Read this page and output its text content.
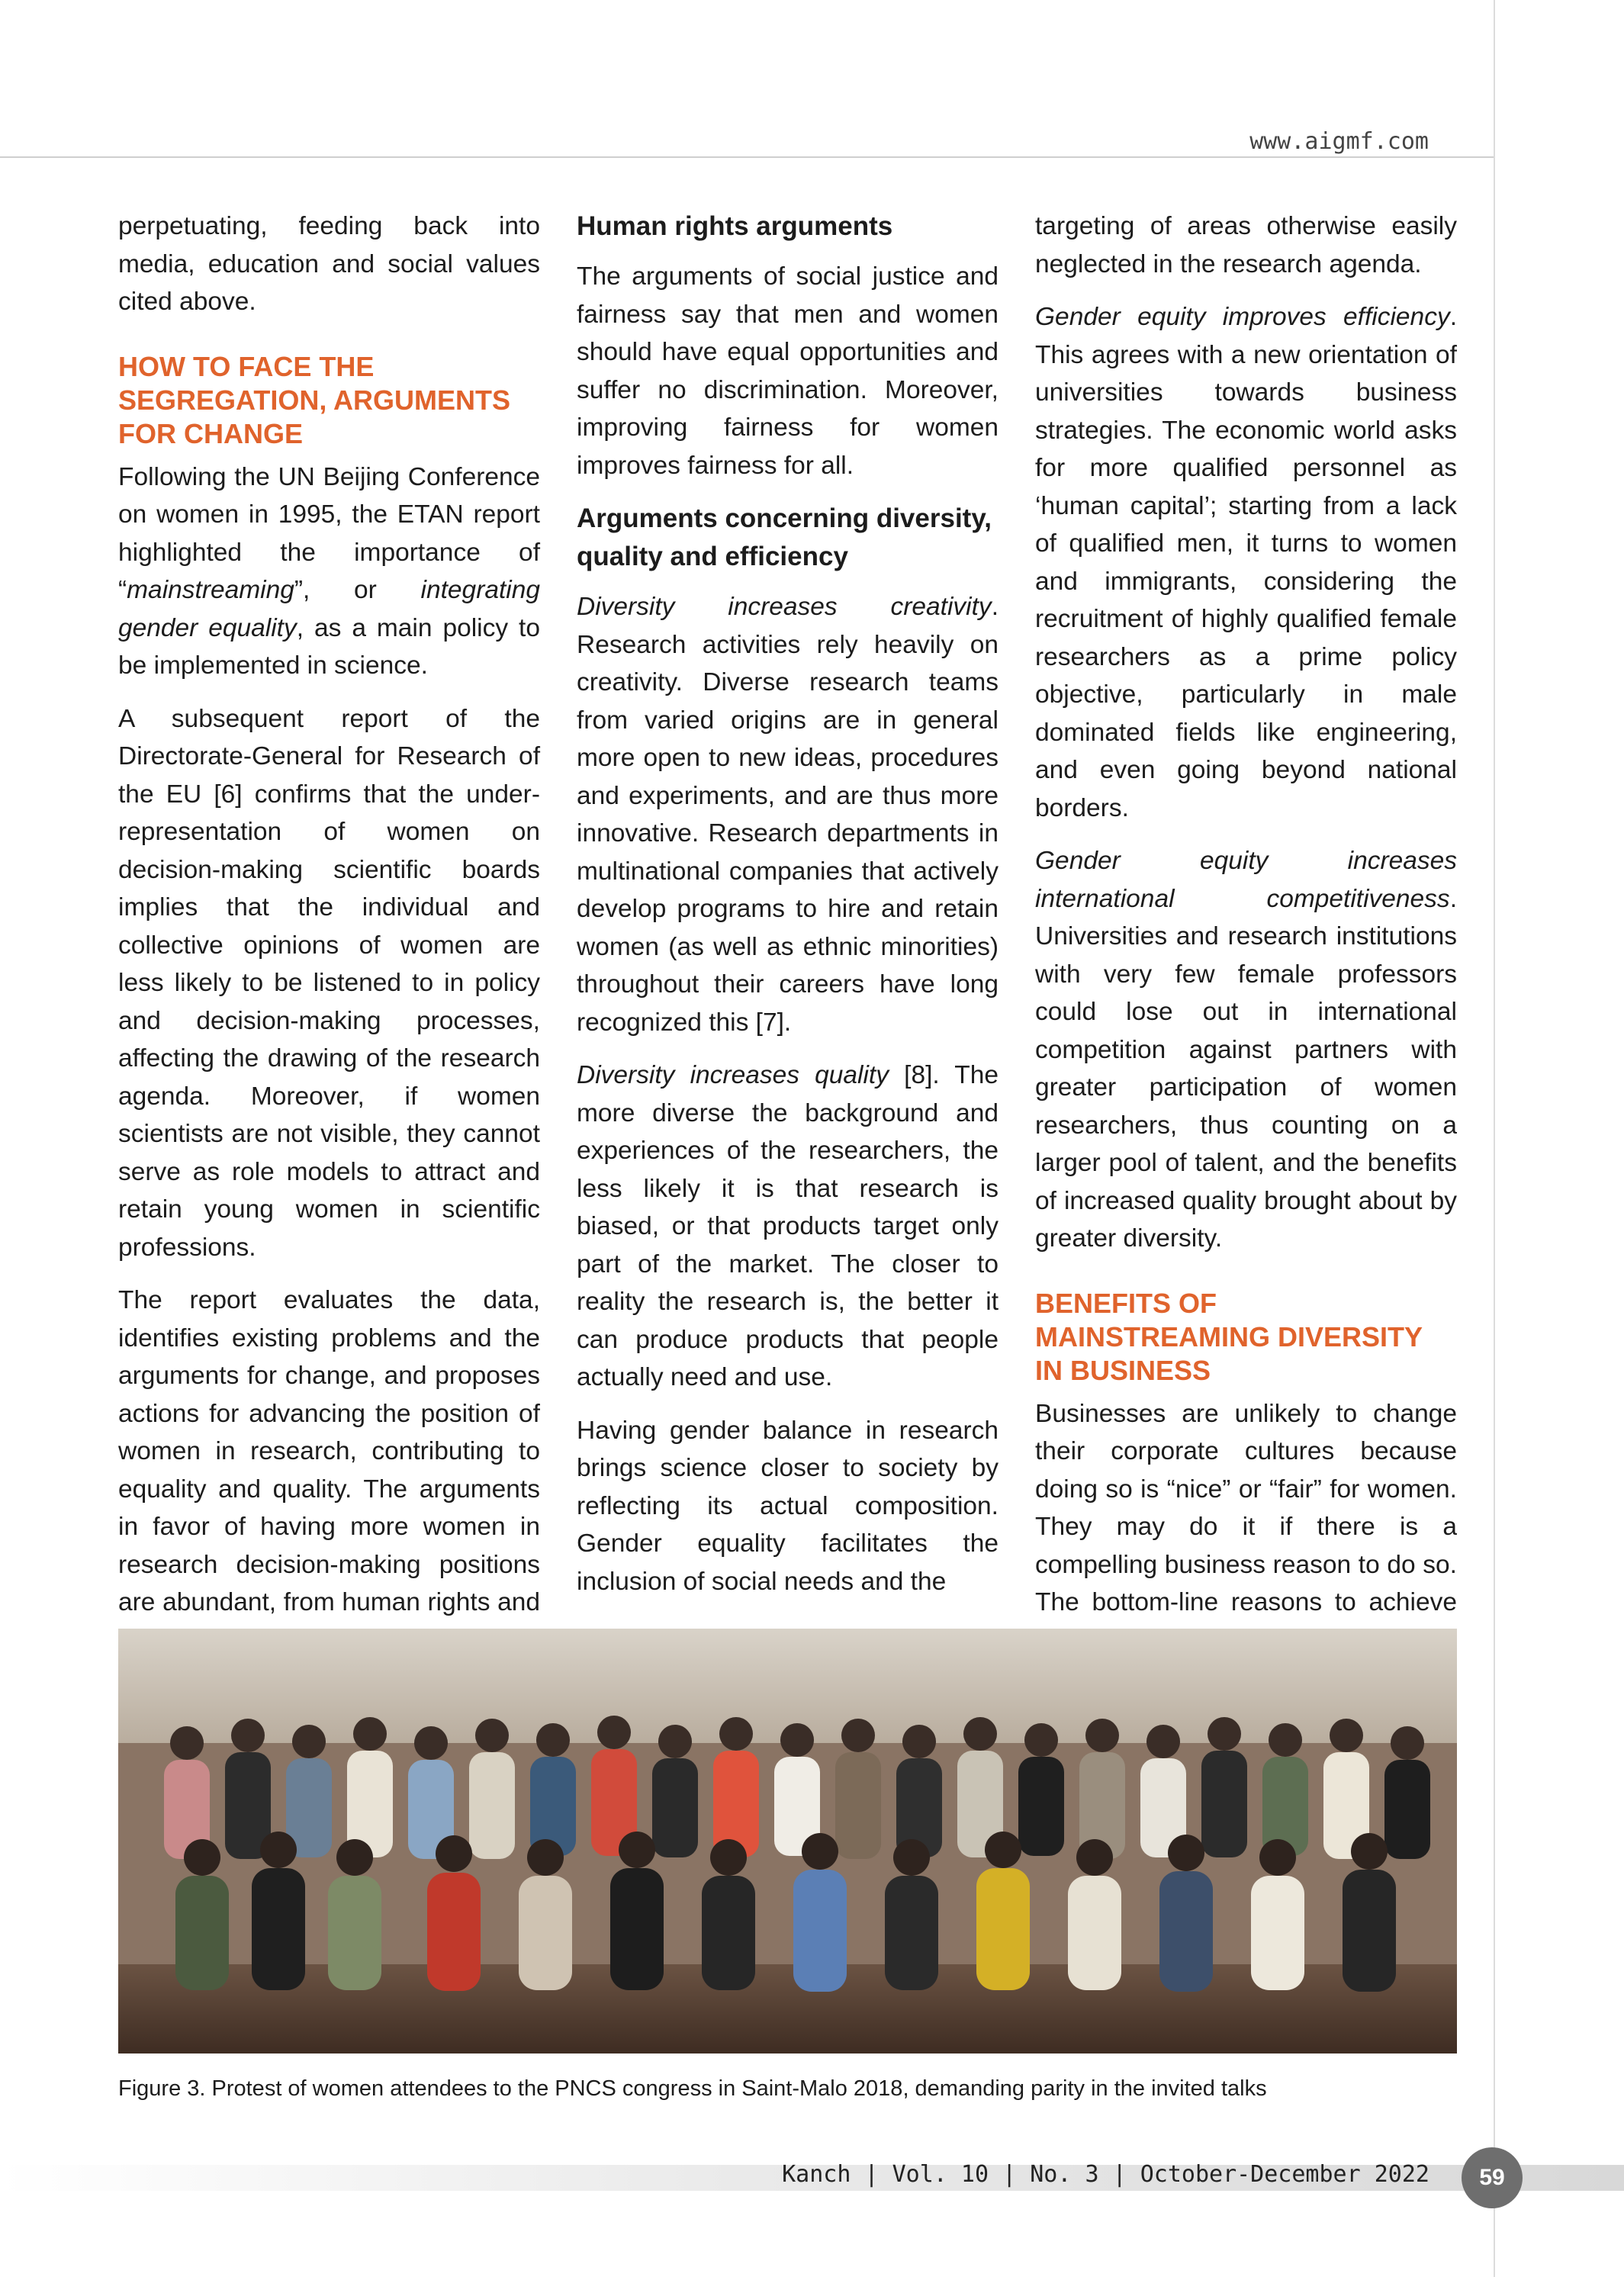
www.aigmf.com

perpetuating, feeding back into media, education and social values cited above.

HOW TO FACE THE SEGREGATION, ARGUMENTS FOR CHANGE

Following the UN Beijing Conference on women in 1995, the ETAN report highlighted the importance of “mainstreaming”, or integrating gender equality, as a main policy to be implemented in science.

A subsequent report of the Directorate-General for Research of the EU [6] confirms that the under-representation of women on decision-making scientific boards implies that the individual and collective opinions of women are less likely to be listened to in policy and decision-making processes, affecting the drawing of the research agenda. Moreover, if women scientists are not visible, they cannot serve as role models to attract and retain young women in scientific professions.

The report evaluates the data, identifies existing problems and the arguments for change, and proposes actions for advancing the position of women in research, contributing to equality and quality. The arguments in favor of having more women in research decision-making positions are abundant, from human rights and

Human rights arguments

The arguments of social justice and fairness say that men and women should have equal opportunities and suffer no discrimination. Moreover, improving fairness for women improves fairness for all.

Arguments concerning diversity, quality and efficiency

Diversity increases creativity. Research activities rely heavily on creativity. Diverse research teams from varied origins are in general more open to new ideas, procedures and experiments, and are thus more innovative. Research departments in multinational companies that actively develop programs to hire and retain women (as well as ethnic minorities) throughout their careers have long recognized this [7].

Diversity increases quality [8]. The more diverse the background and experiences of the researchers, the less likely it is that research is biased, or that products target only part of the market. The closer to reality the research is, the better it can produce products that people actually need and use.

Having gender balance in research brings science closer to society by reflecting its actual composition. Gender equality facilitates the inclusion of social needs and the

targeting of areas otherwise easily neglected in the research agenda.

Gender equity improves efficiency. This agrees with a new orientation of universities towards business strategies. The economic world asks for more qualified personnel as ‘human capital’; starting from a lack of qualified men, it turns to women and immigrants, considering the recruitment of highly qualified female researchers as a prime policy objective, particularly in male dominated fields like engineering, and even going beyond national borders.

Gender equity increases international competitiveness. Universities and research institutions with very few female professors could lose out in international competition against partners with greater participation of women researchers, thus counting on a larger pool of talent, and the benefits of increased quality brought about by greater diversity.

BENEFITS OF MAINSTREAMING DIVERSITY IN BUSINESS

Businesses are unlikely to change their corporate cultures because doing so is “nice” or “fair” for women. They may do it if there is a compelling business reason to do so. The bottom-line reasons to achieve

Figure 3. Protest of women attendees to the PNCS congress in Saint-Malo 2018, demanding parity in the invited talks
Kanch | Vol. 10 | No. 3 | October-December 2022	59
